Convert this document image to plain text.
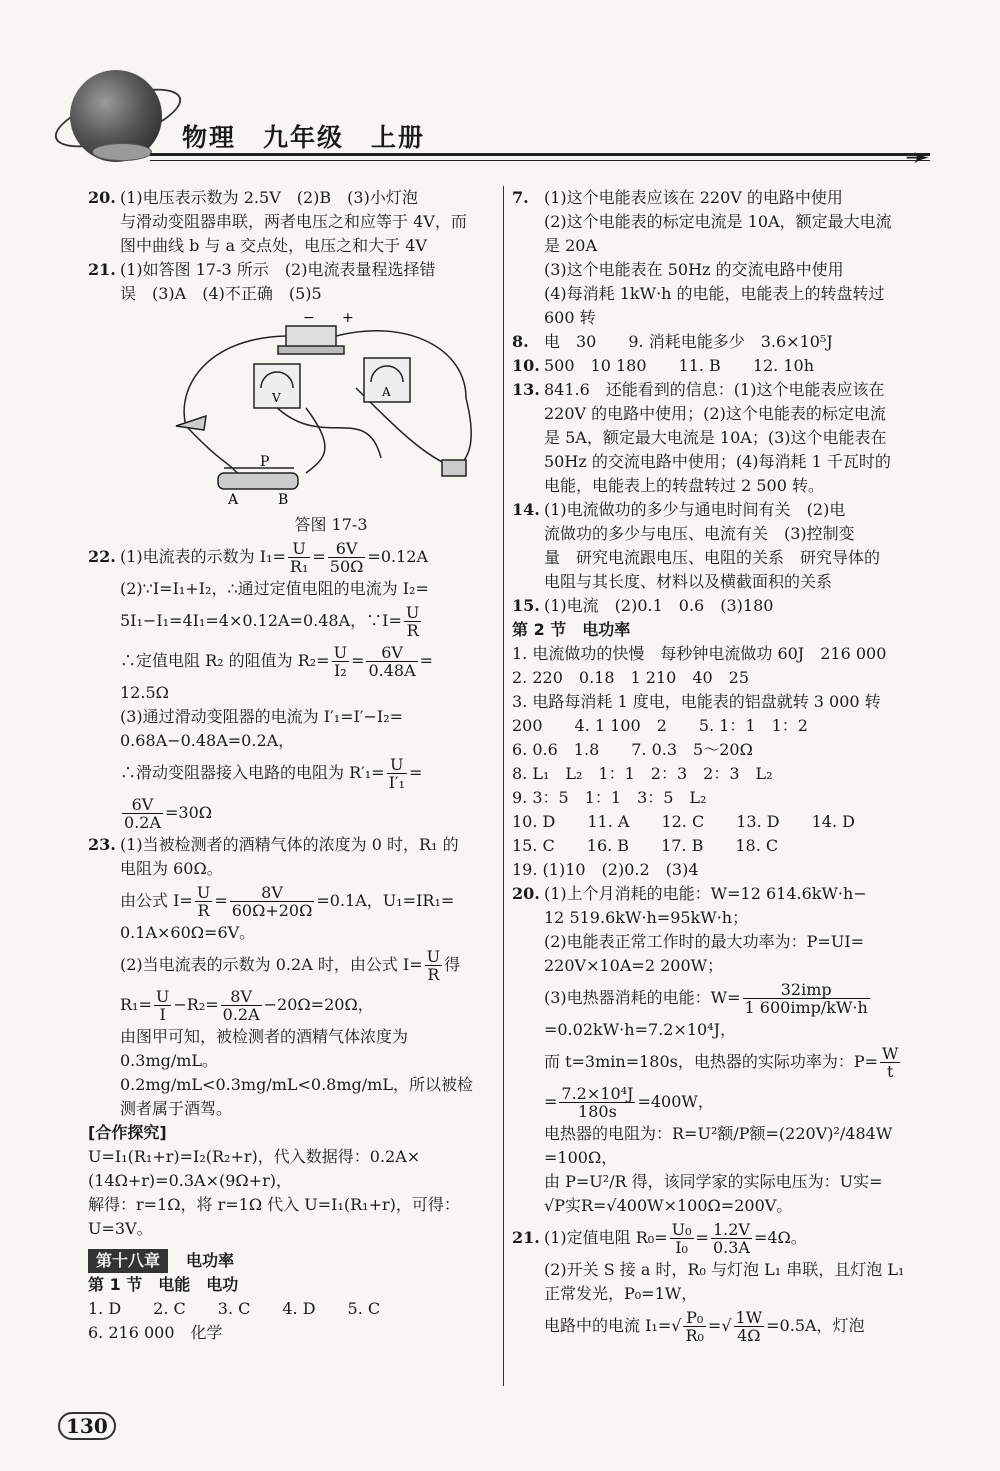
物理　九年级　上册
➛
20. (1)电压表示数为 2.5V　(2)B　(3)小灯泡
与滑动变阻器串联，两者电压之和应等于 4V，而
图中曲线 b 与 a 交点处，电压之和大于 4V
21. (1)如答图 17-3 所示　(2)电流表量程选择错
误　(3)A　(4)不正确　(5)5
− +
V	A
P
A	B
答图 17-3
22. (1)电流表的示数为 $I_1= \frac{U}{\text{R₁}} = \frac{6V}{50\Omega} =0.12A$
(2)∵I=I₁+I₂，∴通过定值电阻的电流为 I₂=
5I₁−I₁=4I₁=4×0.12A=0.48A，∵I= $\frac{U}{R}$
∴定值电阻 R₂ 的阻值为 $R_2= \frac{U}{\text{I₂}} = \frac{6V}{0.48A}$ =
12.5Ω
(3)通过滑动变阻器的电流为 I′₁=I′−I₂=
0.68A−0.48A=0.2A，
∴滑动变阻器接入电路的电阻为 $R'_1= \frac{U}{\text{I′₁}}$ =
$\frac{6V}{0.2A} =30\Omega$
23. (1)当被检测者的酒精气体的浓度为 0 时，R₁ 的
电阻为 60Ω。
由公式 $I= \frac{U}{R} = \frac{8V}{60\Omega+20\Omega} =0.1A$，U₁=IR₁=
0.1A×60Ω=6V。
(2)当电流表的示数为 0.2A 时，由公式 $I= \frac{U}{R}$ 得
$R_1= \frac{U}{I} -R_2= \frac{8V}{0.2A} -20\Omega=20\Omega$，
由图甲可知，被检测者的酒精气体浓度为
0.3mg/mL。
0.2mg/mL<0.3mg/mL<0.8mg/mL，所以被检
测者属于酒驾。
[合作探究]
U=I₁(R₁+r)=I₂(R₂+r)，代入数据得：0.2A×
(14Ω+r)=0.3A×(9Ω+r)，
解得：r=1Ω，将 r=1Ω 代入 U=I₁(R₁+r)，可得：
U=3V。
第十八章 电功率
第 1 节　电能　电功
1. D　　2. C　　3. C　　4. D　　5. C
6. 216 000　化学
7. (1)这个电能表应该在 220V 的电路中使用
(2)这个电能表的标定电流是 10A，额定最大电流
是 20A
(3)这个电能表在 50Hz 的交流电路中使用
(4)每消耗 1kW·h 的电能，电能表上的转盘转过
600 转
8. 电　30　　9. 消耗电能多少　3.6×10⁵J
10. 500　10 180　　11. B　　12. 10h
13. 841.6　还能看到的信息：(1)这个电能表应该在
220V 的电路中使用；(2)这个电能表的标定电流
是 5A，额定最大电流是 10A；(3)这个电能表在
50Hz 的交流电路中使用；(4)每消耗 1 千瓦时的
电能，电能表上的转盘转过 2 500 转。
14. (1)电流做功的多少与通电时间有关　(2)电
流做功的多少与电压、电流有关　(3)控制变
量　研究电流跟电压、电阻的关系　研究导体的
电阻与其长度、材料以及横截面积的关系
15. (1)电流　(2)0.1　0.6　(3)180
第 2 节　电功率
1. 电流做功的快慢　每秒钟电流做功 60J　216 000
2. 220　0.18　1 210　40　25
3. 电路每消耗 1 度电，电能表的铝盘就转 3 000 转
200　　4. 1 100　2　　5. 1：1　1：2
6. 0.6　1.8　　7. 0.3　5～20Ω
8. L₁　L₂　1：1　2：3　2：3　L₂
9. 3：5　1：1　3：5　L₂
10. D　　11. A　　12. C　　13. D　　14. D
15. C　　16. B　　17. B　　18. C
19. (1)10　(2)0.2　(3)4
20. (1)上个月消耗的电能：W=12 614.6kW·h−
12 519.6kW·h=95kW·h；
(2)电能表正常工作时的最大功率为：P=UI=
220V×10A=2 200W；
(3)电热器消耗的电能：$W= \frac{\text{32imp}}{\text{1 600imp/kW·h}}$
=0.02kW·h=7.2×10⁴J，
而 t=3min=180s，电热器的实际功率为：$P= \frac{W}{t}$
= $\frac{\text{7.2×10⁴J}}{180s} =400W$，
电热器的电阻为：R=U²额/P额=(220V)²/484W
=100Ω，
由 P=U²/R 得，该同学家的实际电压为：U实=
√P实R=√400W×100Ω=200V。
21. (1)定值电阻 $R_0= \frac{\text{U₀}}{\text{I₀}} = \frac{1.2V}{0.3A} =4\Omega$。
(2)开关 S 接 a 时，R₀ 与灯泡 L₁ 串联，且灯泡 L₁
正常发光，P₀=1W，
电路中的电流 $I_1=√ \frac{\text{P₀}}{\text{R₀}}$ =√ $\frac{1W}{4\Omega} =0.5A$，灯泡
130
